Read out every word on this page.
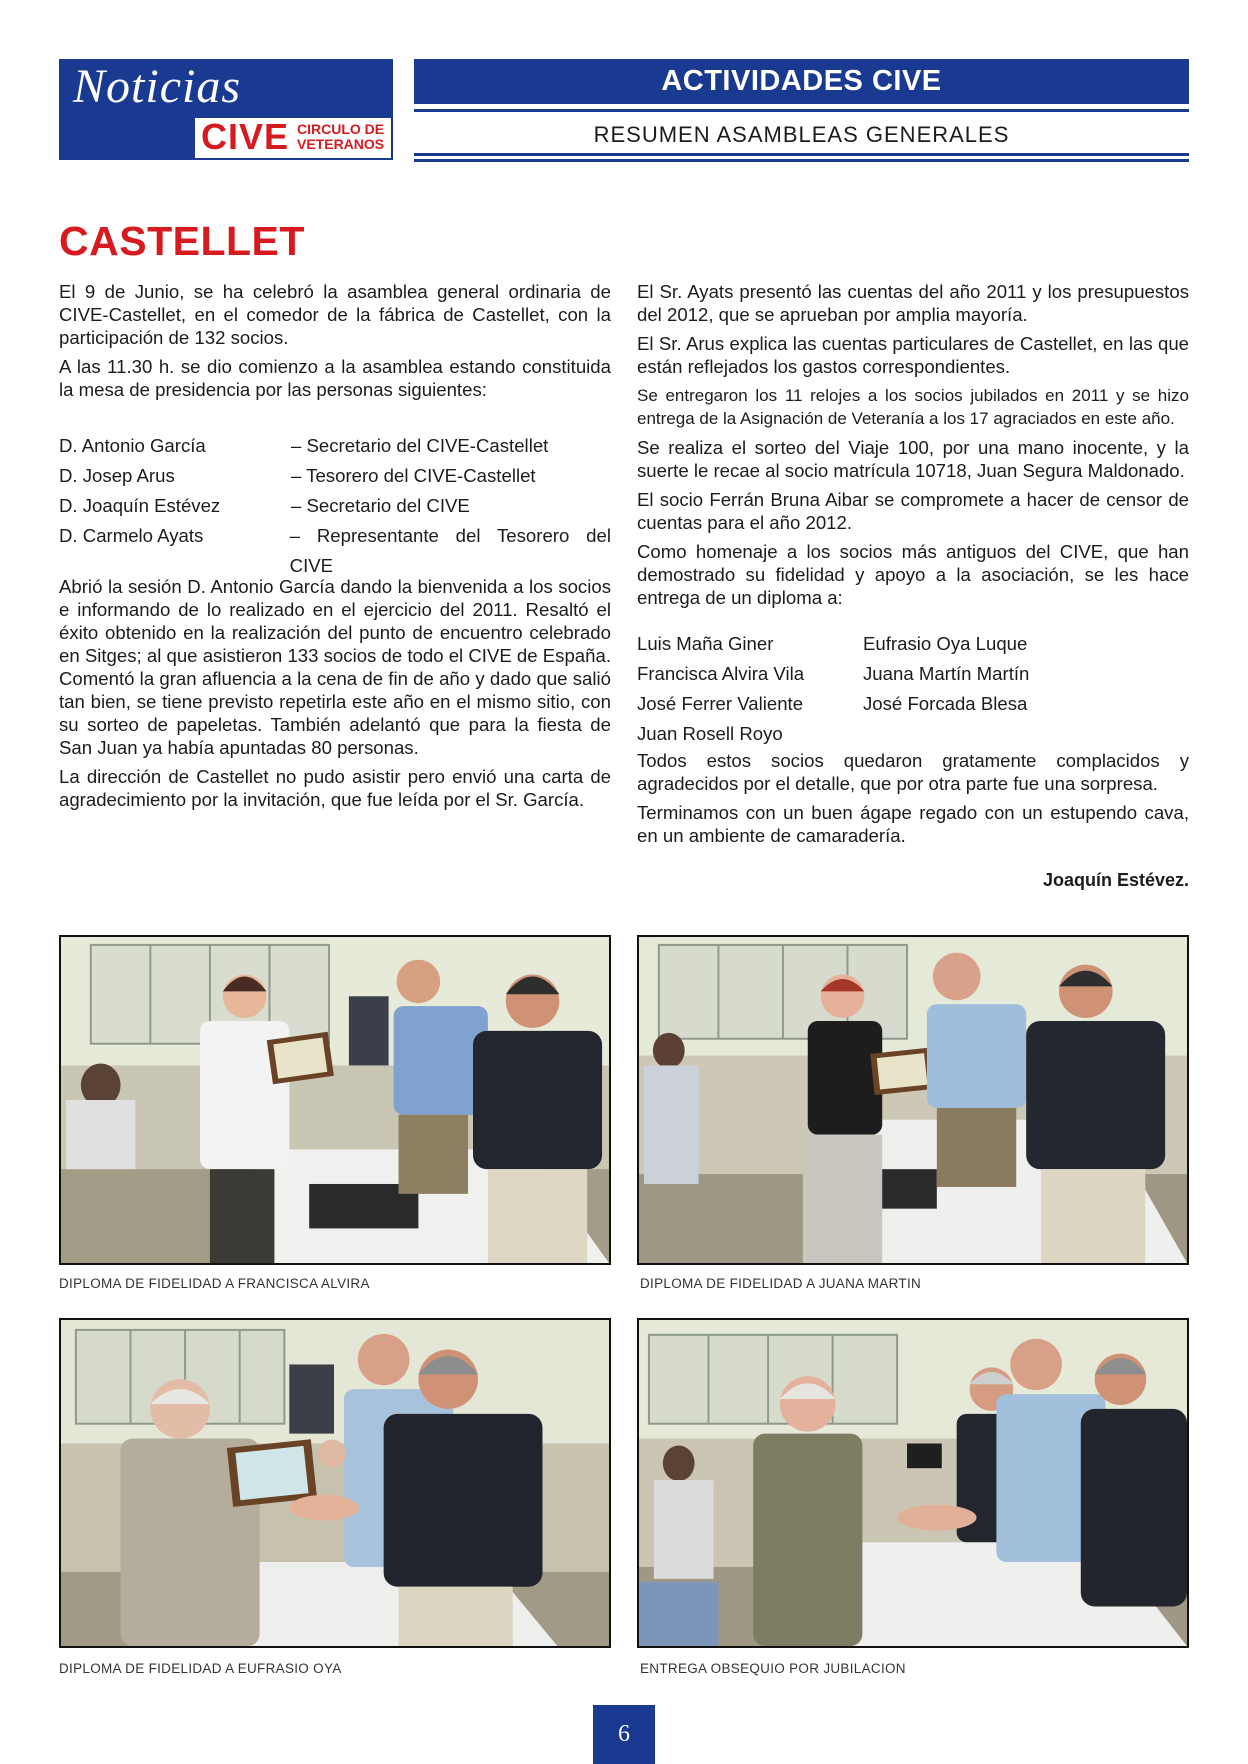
Noticias
CIVE CIRCULO DE
VETERANOS
ACTIVIDADES CIVE
RESUMEN ASAMBLEAS GENERALES
CASTELLET

El 9 de Junio, se ha celebró la asamblea general ordinaria de CIVE-Castellet, en el comedor de la fábrica de Castellet, con la participación de 132 socios.

A las 11.30 h. se dio comienzo a la asamblea estando constituida la mesa de presidencia por las personas siguientes:

D. Antonio García	– Secretario del CIVE-Castellet
D. Josep Arus	– Tesorero del CIVE-Castellet
D. Joaquín Estévez	– Secretario del CIVE
D. Carmelo Ayats	– Representante del Tesorero del CIVE

Abrió la sesión D. Antonio García dando la bienvenida a los socios e informando de lo realizado en el ejercicio del 2011. Resaltó el éxito obtenido en la realización del punto de encuentro celebrado en Sitges; al que asistieron 133 socios de todo el CIVE de España. Comentó la gran afluencia a la cena de fin de año y dado que salió tan bien, se tiene previsto repetirla este año en el mismo sitio, con su sorteo de papeletas. También adelantó que para la fiesta de San Juan ya había apuntadas 80 personas.

La dirección de Castellet no pudo asistir pero envió una carta de agradecimiento por la invitación, que fue leída por el Sr. García.

El Sr. Ayats presentó las cuentas del año 2011 y los presupuestos del 2012, que se aprueban por amplia mayoría.

El Sr. Arus explica las cuentas particulares de Castellet, en las que están reflejados los gastos correspondientes.

Se entregaron los 11 relojes a los socios jubilados en 2011 y se hizo entrega de la Asignación de Veteranía a los 17 agraciados en este año.

Se realiza el sorteo del Viaje 100, por una mano inocente, y la suerte le recae al socio matrícula 10718, Juan Segura Maldonado.

El socio Ferrán Bruna Aibar se compromete a hacer de censor de cuentas para el año 2012.

Como homenaje a los socios más antiguos del CIVE, que han demostrado su fidelidad y apoyo a la asociación, se les hace entrega de un diploma a:

Luis Maña Giner	Eufrasio Oya Luque
Francisca Alvira Vila	Juana Martín Martín
José Ferrer Valiente	José Forcada Blesa
Juan Rosell Royo

Todos estos socios quedaron gratamente complacidos y agradecidos por el detalle, que por otra parte fue una sorpresa.

Terminamos con un buen ágape regado con un estupendo cava, en un ambiente de camaradería.

Joaquín Estévez.
DIPLOMA DE FIDELIDAD A FRANCISCA ALVIRA	DIPLOMA DE FIDELIDAD A JUANA MARTIN
DIPLOMA DE FIDELIDAD A EUFRASIO OYA	ENTREGA OBSEQUIO POR JUBILACION
6
